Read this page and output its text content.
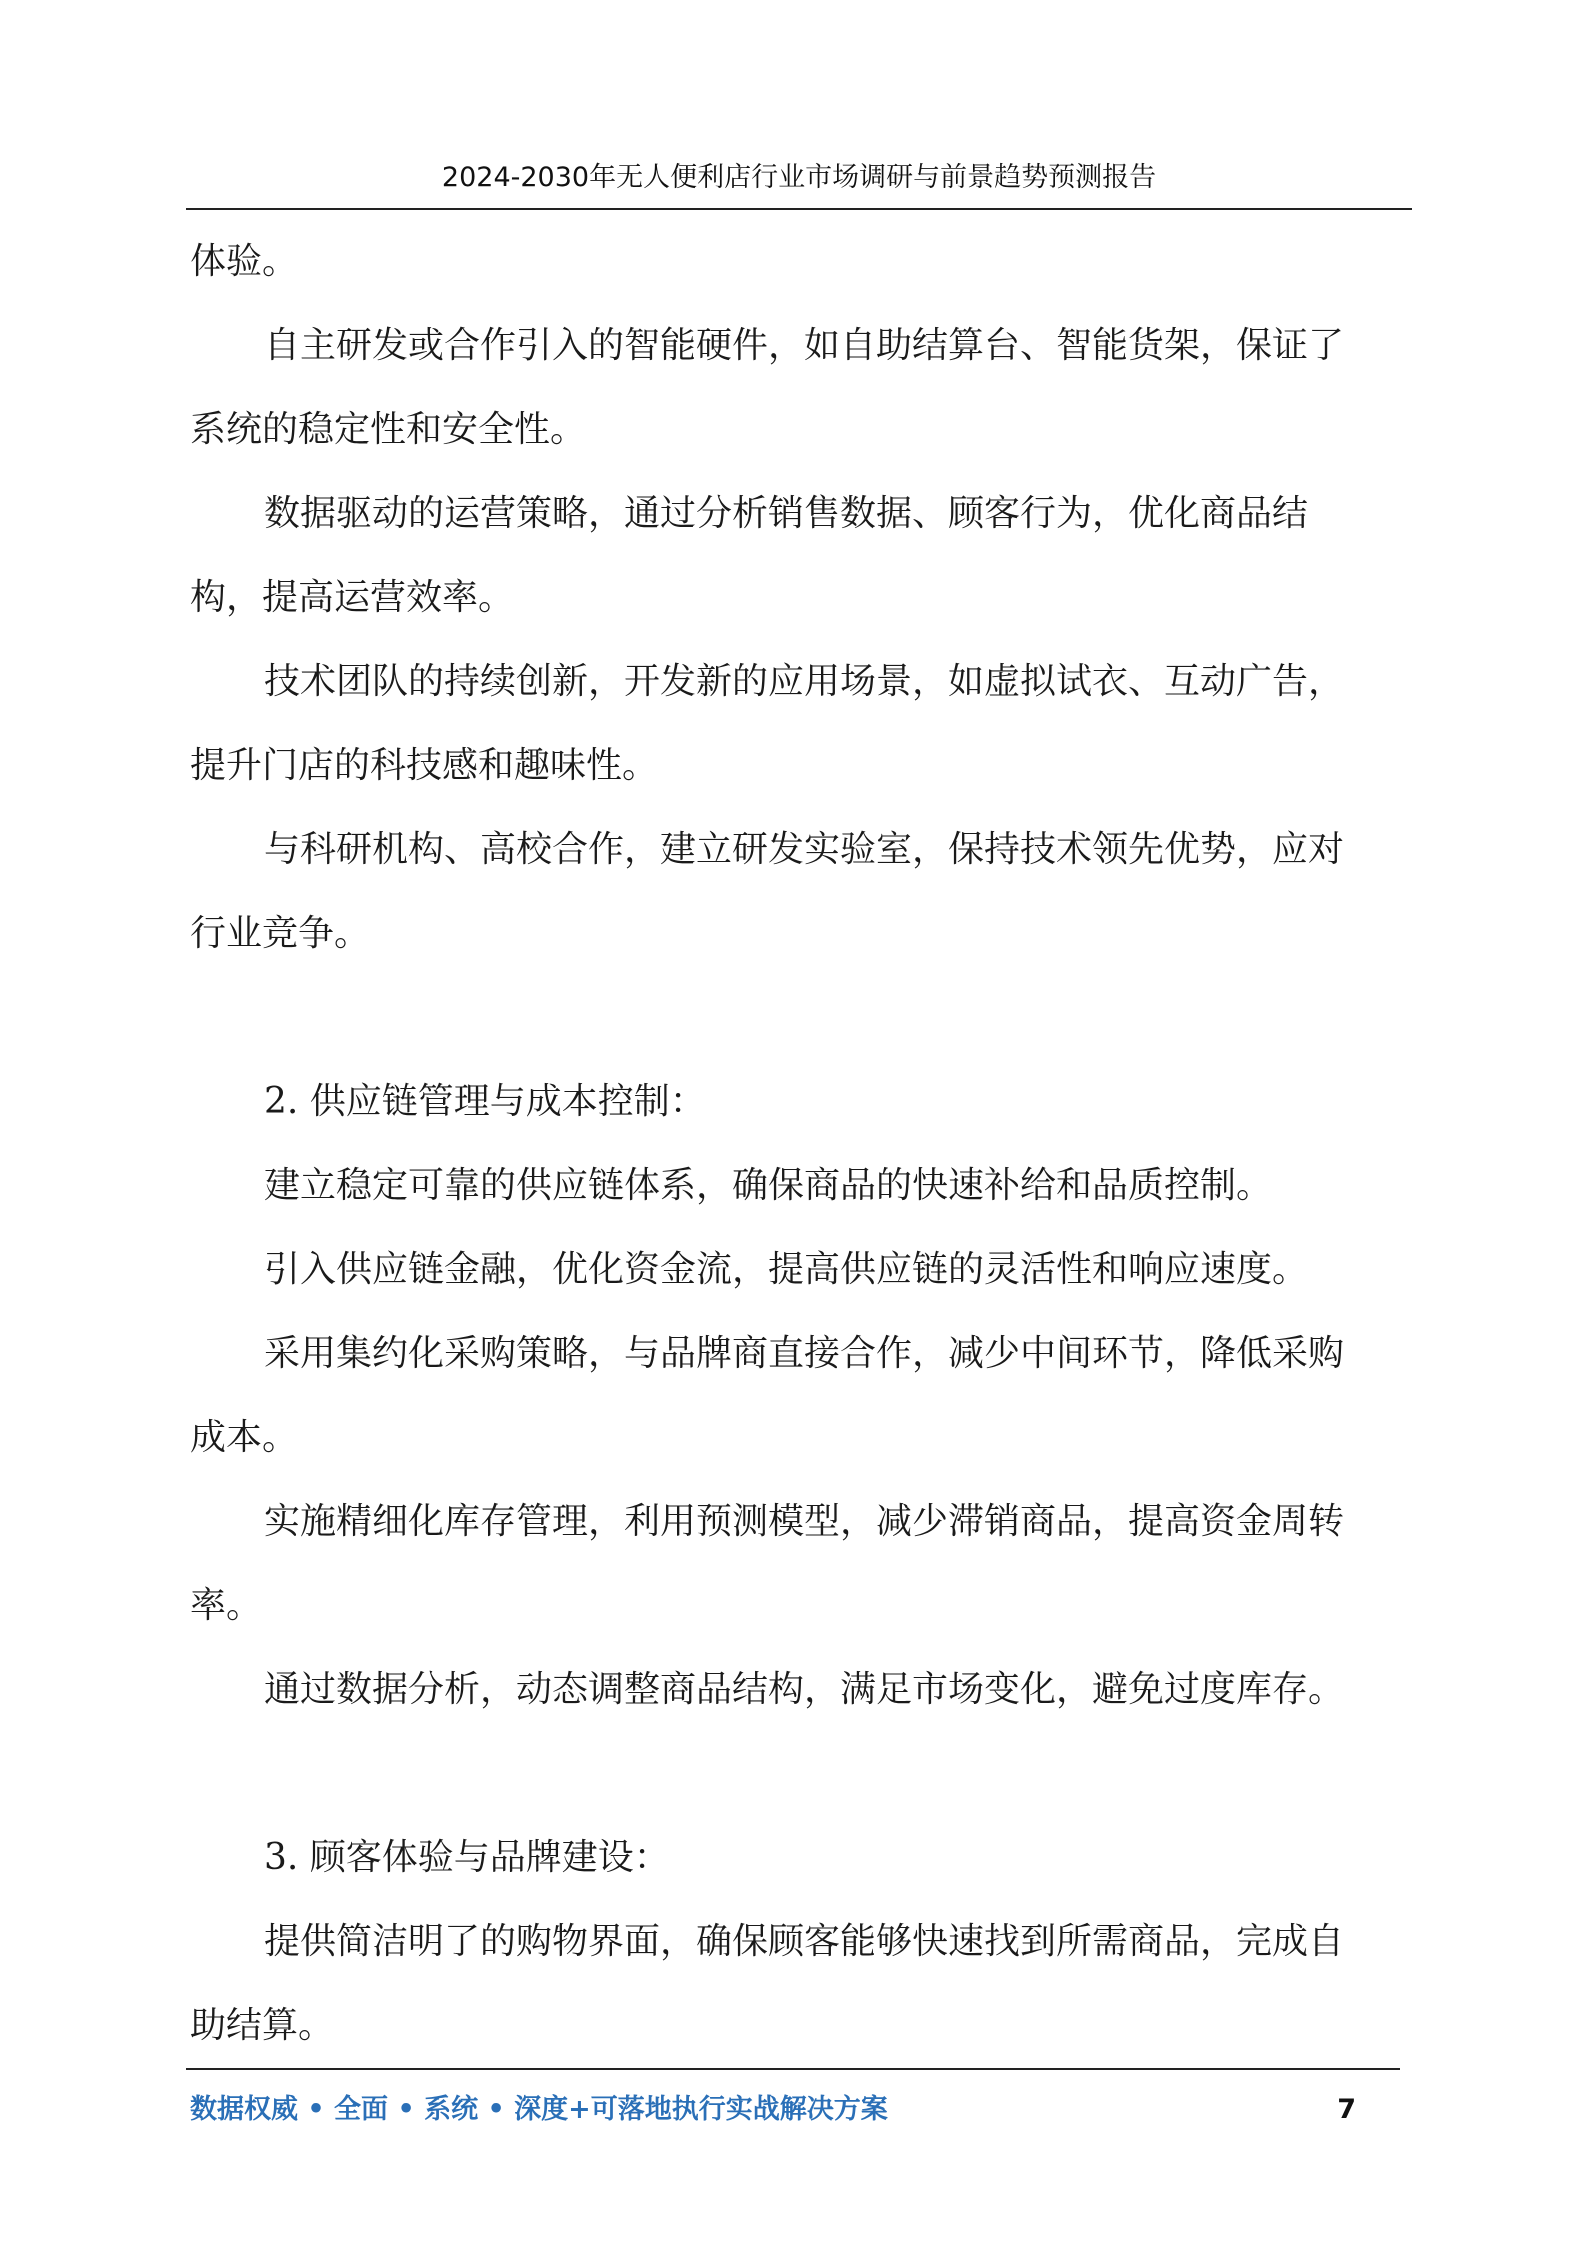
2024-2030年无人便利店行业市场调研与前景趋势预测报告
体验。
自主研发或合作引入的智能硬件，如自助结算台、智能货架，保证了
系统的稳定性和安全性。
数据驱动的运营策略，通过分析销售数据、顾客行为，优化商品结
构，提高运营效率。
技术团队的持续创新，开发新的应用场景，如虚拟试衣、互动广告，
提升门店的科技感和趣味性。
与科研机构、高校合作，建立研发实验室，保持技术领先优势，应对
行业竞争。
2. 供应链管理与成本控制：
建立稳定可靠的供应链体系，确保商品的快速补给和品质控制。
引入供应链金融，优化资金流，提高供应链的灵活性和响应速度。
采用集约化采购策略，与品牌商直接合作，减少中间环节，降低采购
成本。
实施精细化库存管理，利用预测模型，减少滞销商品，提高资金周转
率。
通过数据分析，动态调整商品结构，满足市场变化，避免过度库存。
3. 顾客体验与品牌建设：
提供简洁明了的购物界面，确保顾客能够快速找到所需商品，完成自
助结算。
数据权威 • 全面 • 系统 • 深度+可落地执行实战解决方案	7
